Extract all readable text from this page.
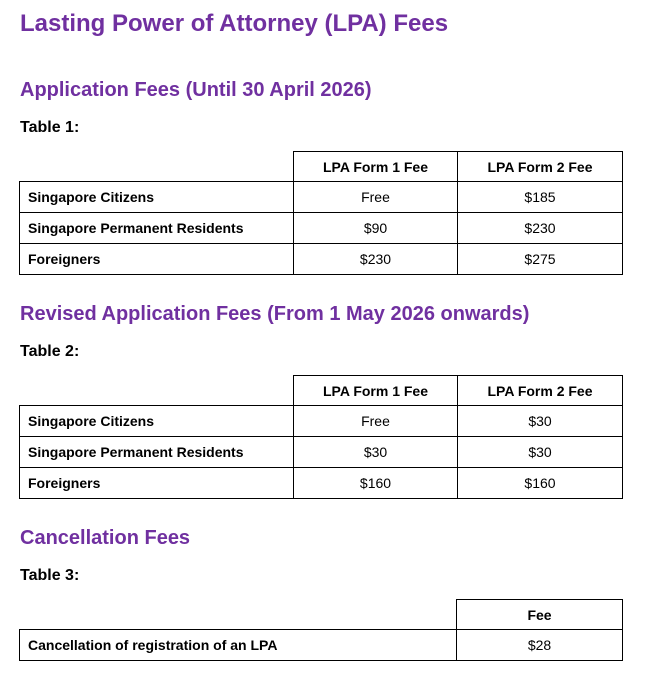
Lasting Power of Attorney (LPA) Fees
Application Fees (Until 30 April 2026)
Table 1:
	LPA Form 1 Fee	LPA Form 2 Fee
Singapore Citizens	Free	$185
Singapore Permanent Residents	$90	$230
Foreigners	$230	$275
Revised Application Fees (From 1 May 2026 onwards)
Table 2:
	LPA Form 1 Fee	LPA Form 2 Fee
Singapore Citizens	Free	$30
Singapore Permanent Residents	$30	$30
Foreigners	$160	$160
Cancellation Fees
Table 3:
	Fee
Cancellation of registration of an LPA	$28
